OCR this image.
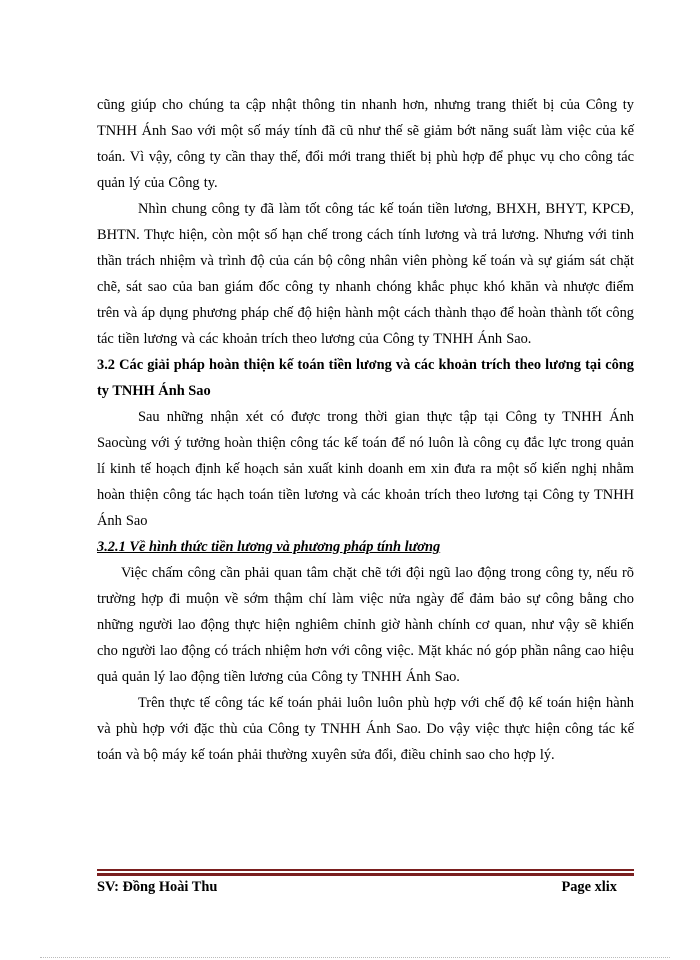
cũng giúp cho chúng ta cập nhật thông tin nhanh hơn, nhưng trang thiết bị của Công ty TNHH Ánh Sao với một số máy tính đã cũ như thế sẽ giảm bớt năng suất làm việc của kế toán. Vì vậy, công ty cần thay thế, đổi mới trang thiết bị phù hợp để phục vụ cho công tác quản lý của Công ty.

Nhìn chung công ty đã làm tốt công tác kế toán tiền lương, BHXH, BHYT, KPCĐ, BHTN. Thực hiện, còn một số hạn chế trong cách tính lương và trả lương. Nhưng với tinh thần trách nhiệm và trình độ của cán bộ công nhân viên phòng kế toán và sự giám sát chặt chẽ, sát sao của ban giám đốc công ty nhanh chóng khắc phục khó khăn và nhược điểm trên và áp dụng phương pháp chế độ hiện hành một cách thành thạo để hoàn thành tốt công tác tiền lương và các khoản trích theo lương của Công ty TNHH Ánh Sao.

3.2 Các giải pháp hoàn thiện kế toán tiền lương và các khoản trích theo lương tại công ty TNHH Ánh Sao

Sau những nhận xét có được trong thời gian thực tập tại Công ty TNHH Ánh Saocùng với ý tưởng hoàn thiện công tác kế toán để nó luôn là công cụ đắc lực trong quản lí kinh tế hoạch định kế hoạch sản xuất kinh doanh em xin đưa ra một số kiến nghị nhằm hoàn thiện công tác hạch toán tiền lương và các khoản trích theo lương tại Công ty TNHH Ánh Sao

3.2.1 Về hình thức tiền lương và phương pháp tính lương

Việc chấm công cần phải quan tâm chặt chẽ tới đội ngũ lao động trong công ty, nếu rõ trường hợp đi muộn về sớm thậm chí làm việc nửa ngày để đảm bảo sự công bằng cho những người lao động thực hiện nghiêm chỉnh giờ hành chính cơ quan, như vậy sẽ khiến cho người lao động có trách nhiệm hơn với công việc. Mặt khác nó góp phần nâng cao hiệu quả quản lý lao động tiền lương của Công ty TNHH Ánh Sao.

Trên thực tế công tác kế toán phải luôn luôn phù hợp với chế độ kế toán hiện hành và phù hợp với đặc thù của Công ty TNHH Ánh Sao. Do vậy việc thực hiện công tác kế toán và bộ máy kế toán phải thường xuyên sửa đổi, điều chỉnh sao cho hợp lý.

SV: Đồng Hoài Thu	Page xlix
